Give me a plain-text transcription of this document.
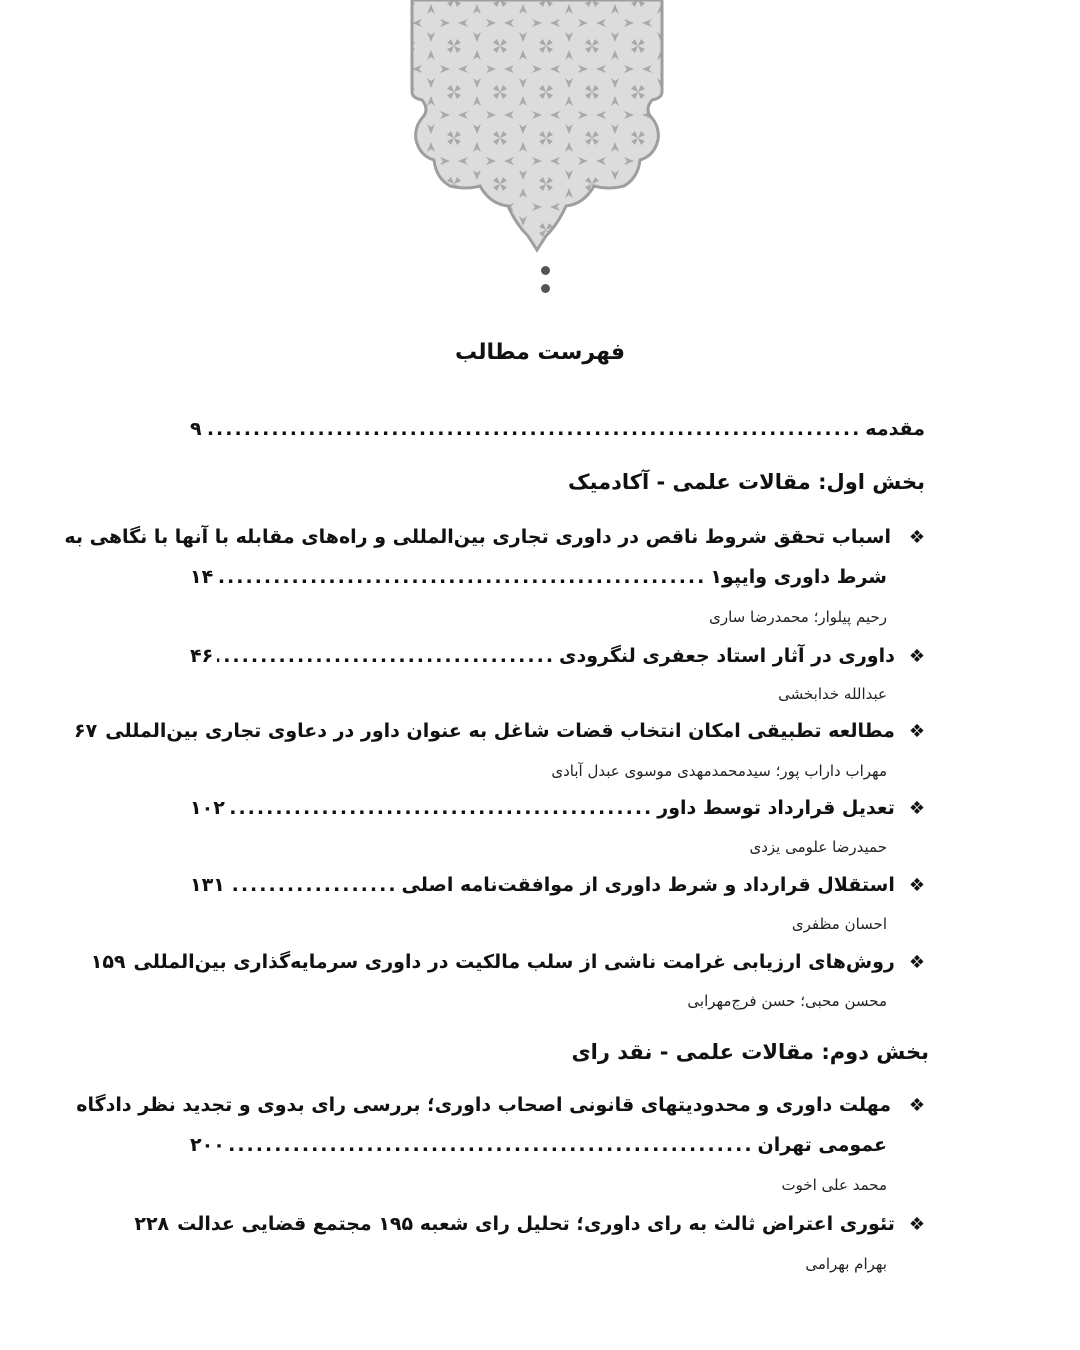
فهرست مطالب
مقدمه
.....
۹
بخش اول: مقالات علمی - آکادمیک
❖اسباب تحقق شروط ناقص در داوری تجاری بین‌المللی و راه‌های مقابله با آنها با نگاهی به
شرط داوری وایپو۱
.....
۱۴
رحیم پیلوار؛ محمدرضا ساری
❖
داوری در آثار استاد جعفری لنگرودی
.....
۴۶
عبدالله خدابخشی
❖
مطالعه تطبیقی امکان انتخاب قضات شاغل به عنوان داور در دعاوی تجاری بین‌المللی
۶۷
مهراب داراب پور؛ سیدمحمدمهدی موسوی عبدل آبادی
❖
تعدیل قرارداد توسط داور
.....
۱۰۲
حمیدرضا علومی یزدی
❖
استقلال قرارداد و شرط داوری از موافقت‌نامه اصلی
.....
۱۳۱
احسان مظفری
❖
روش‌های ارزیابی غرامت ناشی از سلب مالکیت در داوری سرمایه‌گذاری بین‌المللی
۱۵۹
محسن محبی؛ حسن فرج‌مهرابی
بخش دوم: مقالات علمی - نقد رای
❖مهلت داوری و محدودیتهای قانونی اصحاب داوری؛ بررسی رای بدوی و تجدید نظر دادگاه
عمومی تهران
.....
۲۰۰
محمد علی اخوت
❖
تئوری اعتراض ثالث به رای داوری؛ تحلیل رای شعبه ۱۹۵ مجتمع قضایی عدالت
۲۲۸
بهرام بهرامی
